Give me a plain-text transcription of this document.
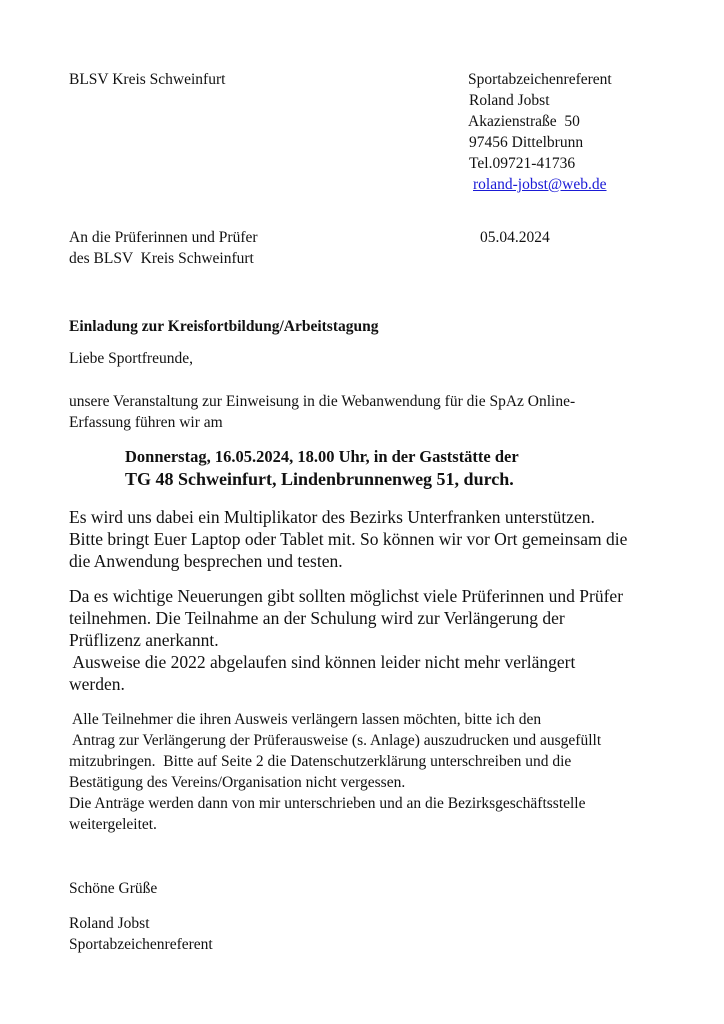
BLSV Kreis Schweinfurt	Sportabzeichenreferent
Roland Jobst
Akazienstraße  50
97456 Dittelbrunn
Tel.09721-41736
roland-jobst@web.de
An die Prüferinnen und Prüfer
des BLSV  Kreis Schweinfurt
05.04.2024
Einladung zur Kreisfortbildung/Arbeitstagung
Liebe Sportfreunde,
unsere Veranstaltung zur Einweisung in die Webanwendung für die SpAz Online-
Erfassung führen wir am
Donnerstag, 16.05.2024, 18.00 Uhr, in der Gaststätte der
TG 48 Schweinfurt, Lindenbrunnenweg 51, durch.
Es wird uns dabei ein Multiplikator des Bezirks Unterfranken unterstützen.
Bitte bringt Euer Laptop oder Tablet mit. So können wir vor Ort gemeinsam die
die Anwendung besprechen und testen.
Da es wichtige Neuerungen gibt sollten möglichst viele Prüferinnen und Prüfer
teilnehmen. Die Teilnahme an der Schulung wird zur Verlängerung der
Prüflizenz anerkannt.
Ausweise die 2022 abgelaufen sind können leider nicht mehr verlängert
werden.
Alle Teilnehmer die ihren Ausweis verlängern lassen möchten, bitte ich den
Antrag zur Verlängerung der Prüferausweise (s. Anlage) auszudrucken und ausgefüllt
mitzubringen.  Bitte auf Seite 2 die Datenschutzerklärung unterschreiben und die
Bestätigung des Vereins/Organisation nicht vergessen.
Die Anträge werden dann von mir unterschrieben und an die Bezirksgeschäftsstelle
weitergeleitet.
Schöne Grüße
Roland Jobst
Sportabzeichenreferent
